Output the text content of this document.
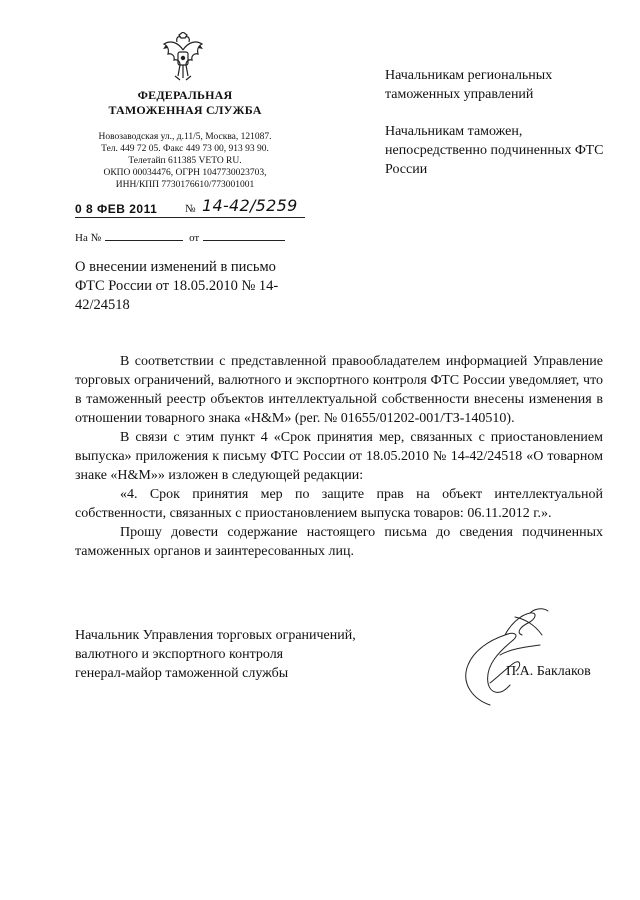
ФЕДЕРАЛЬНАЯ
ТАМОЖЕННАЯ СЛУЖБА
Новозаводская ул., д.11/5, Москва, 121087.
Тел. 449 72 05. Факс 449 73 00, 913 93 90.
Телетайп 611385 VETO RU.
ОКПО 00034476, ОГРН 1047730023703,
ИНН/КПП 7730176610/773001001
0 8 ФЕВ 2011	№ 14-42/5259
На №	от
О внесении изменений в письмо ФТС России от 18.05.2010 № 14-42/24518

Начальникам региональных таможенных управлений

Начальникам таможен, непосредственно подчиненных ФТС России

В соответствии с представленной правообладателем информацией Управление торговых ограничений, валютного и экспортного контроля ФТС России уведомляет, что в таможенный реестр объектов интеллектуальной собственности внесены изменения в отношении товарного знака «H&M» (рег. № 01655/01202-001/ТЗ-140510).

В связи с этим пункт 4 «Срок принятия мер, связанных с приостановлением выпуска» приложения к письму ФТС России от 18.05.2010 № 14-42/24518 «О товарном знаке «H&M»» изложен в следующей редакции:

«4. Срок принятия мер по защите прав на объект интеллектуальной собственности, связанных с приостановлением выпуска товаров: 06.11.2012 г.».

Прошу довести содержание настоящего письма до сведения подчиненных таможенных органов и заинтересованных лиц.

Начальник Управления торговых ограничений,
валютного и экспортного контроля
генерал-майор таможенной службы	П.А. Баклаков
